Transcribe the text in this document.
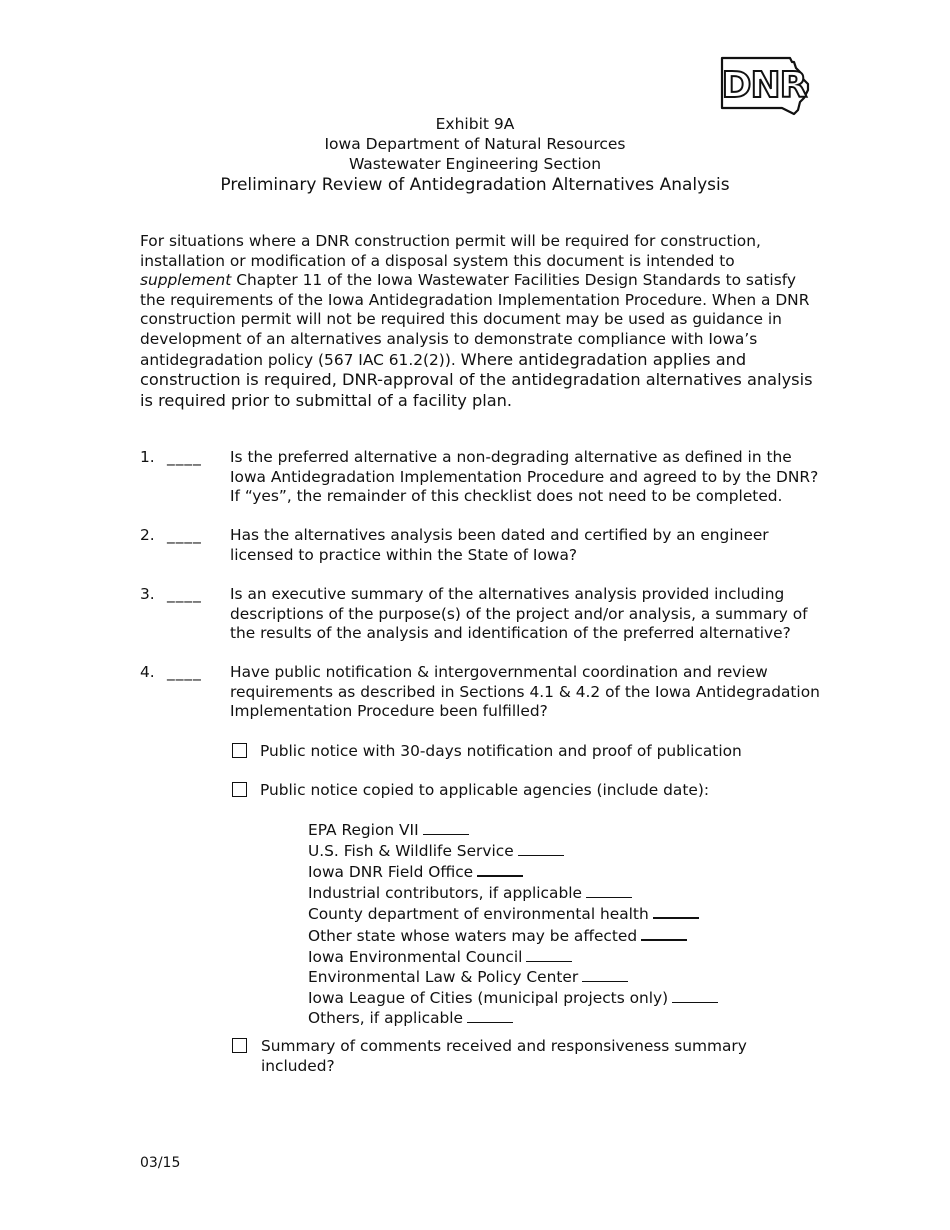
DNR
Exhibit 9A
Iowa Department of Natural Resources
Wastewater Engineering Section
Preliminary Review of Antidegradation Alternatives Analysis
For situations where a DNR construction permit will be required for construction, installation or modification of a disposal system this document is intended to supplement Chapter 11 of the Iowa Wastewater Facilities Design Standards to satisfy the requirements of the Iowa Antidegradation Implementation Procedure. When a DNR construction permit will not be required this document may be used as guidance in development of an alternatives analysis to demonstrate compliance with Iowa’s antidegradation policy (567 IAC 61.2(2)). Where antidegradation applies and construction is required, DNR-approval of the antidegradation alternatives analysis is required prior to submittal of a facility plan.
1. ____ Is the preferred alternative a non-degrading alternative as defined in the Iowa Antidegradation Implementation Procedure and agreed to by the DNR? If “yes”, the remainder of this checklist does not need to be completed.
2. ____ Has the alternatives analysis been dated and certified by an engineer licensed to practice within the State of Iowa?
3. ____ Is an executive summary of the alternatives analysis provided including descriptions of the purpose(s) of the project and/or analysis, a summary of the results of the analysis and identification of the preferred alternative?
4. ____ Have public notification & intergovernmental coordination and review requirements as described in Sections 4.1 & 4.2 of the Iowa Antidegradation Implementation Procedure been fulfilled?
Public notice with 30-days notification and proof of publication
Public notice copied to applicable agencies (include date):
EPA Region VII
U.S. Fish & Wildlife Service
Iowa DNR Field Office
Industrial contributors, if applicable
County department of environmental health
Other state whose waters may be affected
Iowa Environmental Council
Environmental Law & Policy Center
Iowa League of Cities (municipal projects only)
Others, if applicable
Summary of comments received and responsiveness summary included?
03/15
